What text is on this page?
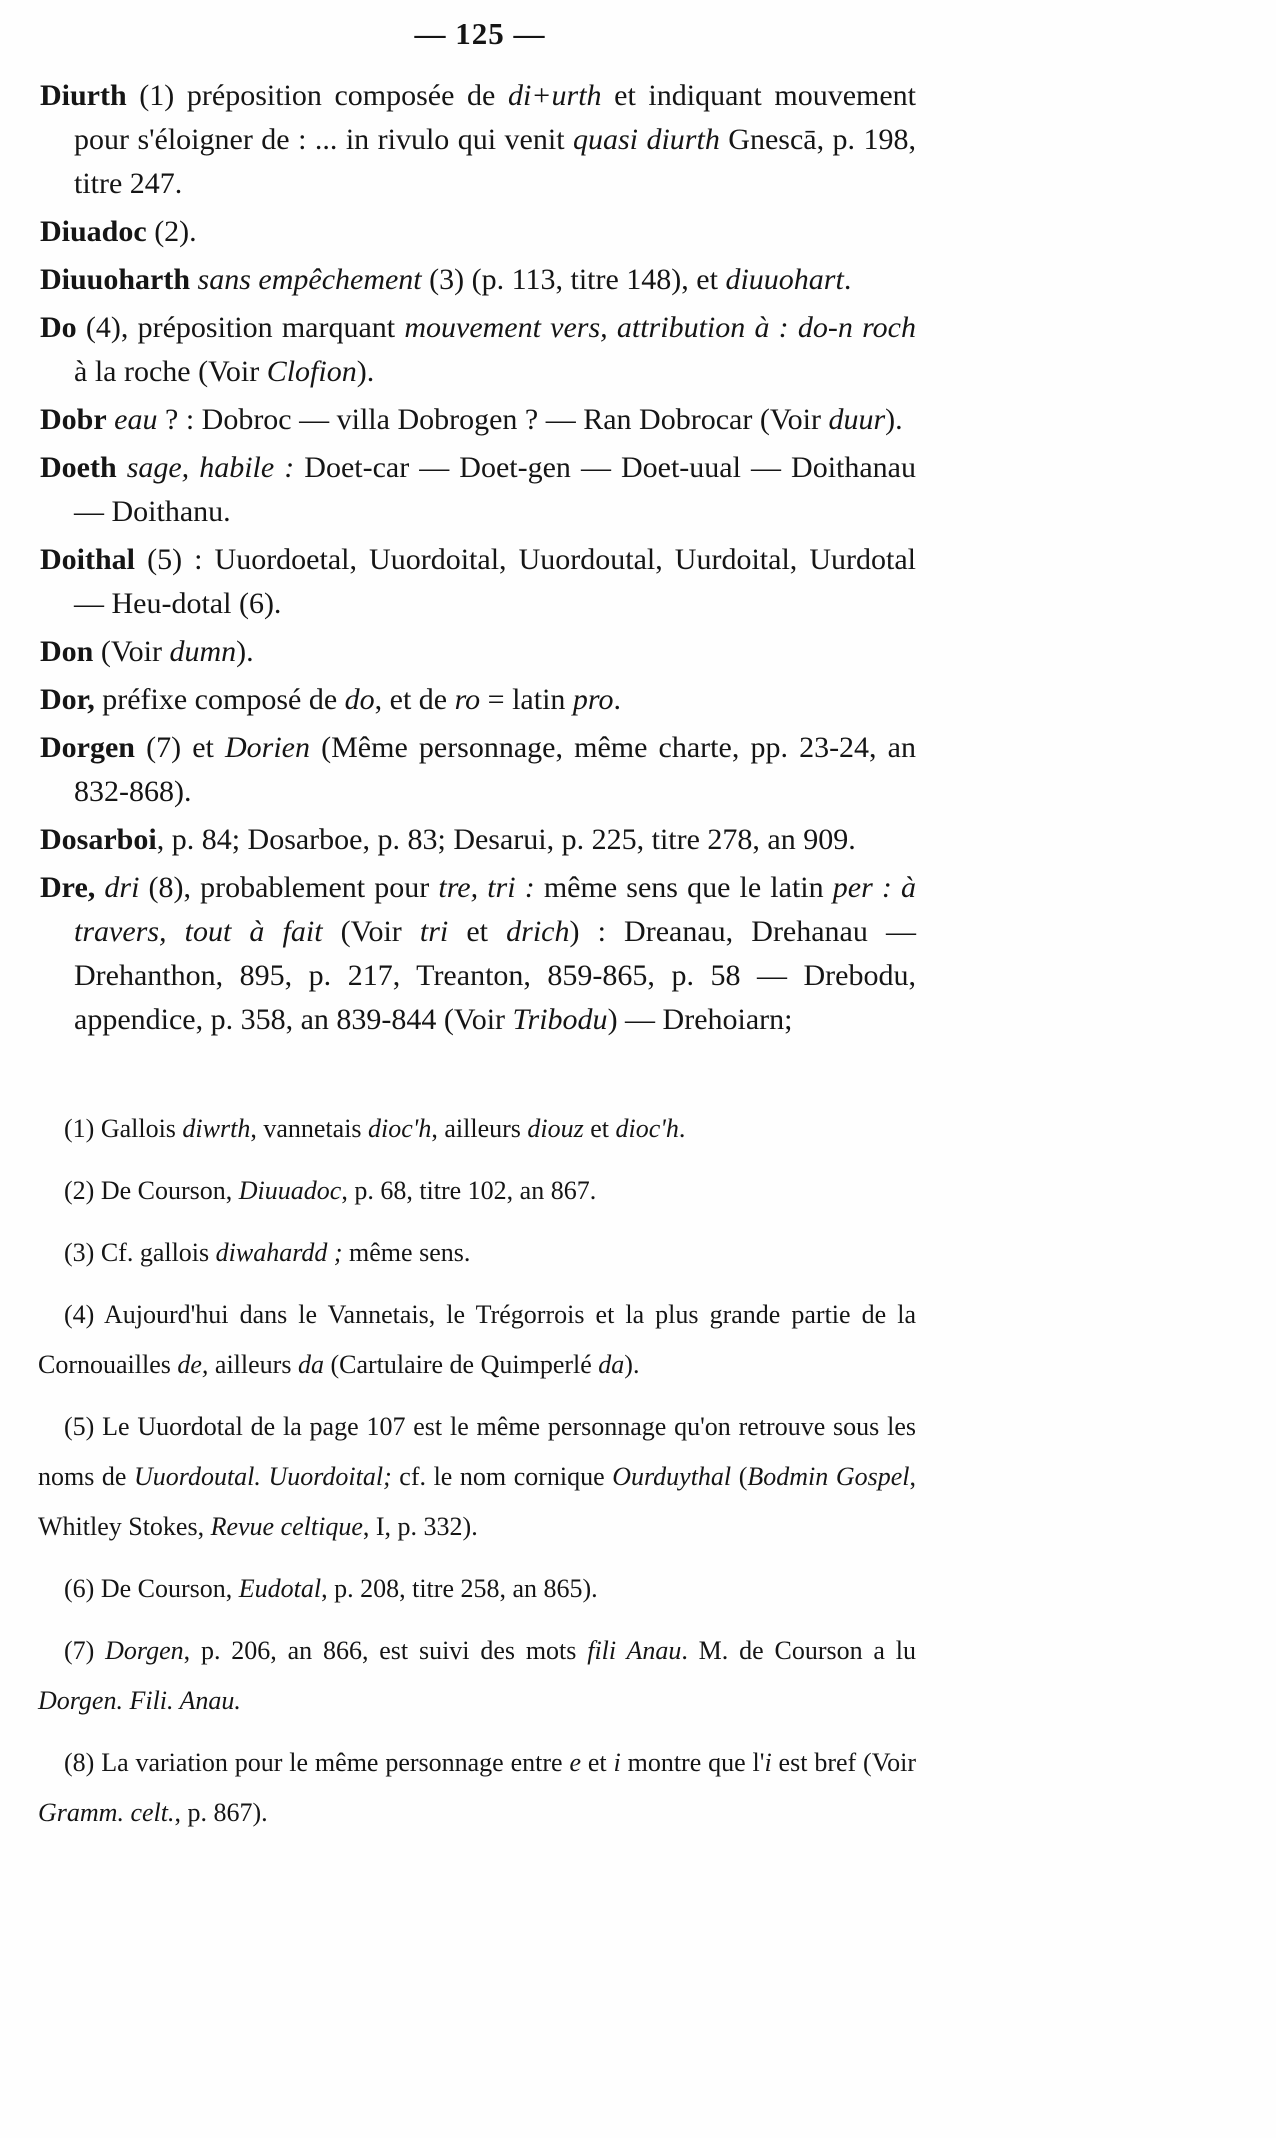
— 125 —

Diurth (1) préposition composée de di+urth et indiquant mouvement pour s'éloigner de : ... in rivulo qui venit quasi diurth Gnescā, p. 198, titre 247.

Diuadoc (2).

Diuuoharth sans empêchement (3) (p. 113, titre 148), et diuuohart.

Do (4), préposition marquant mouvement vers, attribution à : do-n roch à la roche (Voir Clofion).

Dobr eau ? : Dobroc — villa Dobrogen ? — Ran Dobrocar (Voir duur).

Doeth sage, habile : Doet-car — Doet-gen — Doet-uual — Doithanau — Doithanu.

Doithal (5) : Uuordoetal, Uuordoital, Uuordoutal, Uurdoital, Uurdotal — Heu-dotal (6).

Don (Voir dumn).

Dor, préfixe composé de do, et de ro = latin pro.

Dorgen (7) et Dorien (Même personnage, même charte, pp. 23-24, an 832-868).

Dosarboi, p. 84; Dosarboe, p. 83; Desarui, p. 225, titre 278, an 909.

Dre, dri (8), probablement pour tre, tri : même sens que le latin per : à travers, tout à fait (Voir tri et drich) : Dreanau, Drehanau — Drehanthon, 895, p. 217, Treanton, 859-865, p. 58 — Drebodu, appendice, p. 358, an 839-844 (Voir Tribodu) — Drehoiarn;

(1) Gallois diwrth, vannetais dioc'h, ailleurs diouz et dioc'h.

(2) De Courson, Diuuadoc, p. 68, titre 102, an 867.

(3) Cf. gallois diwahardd ; même sens.

(4) Aujourd'hui dans le Vannetais, le Trégorrois et la plus grande partie de la Cornouailles de, ailleurs da (Cartulaire de Quimperlé da).

(5) Le Uuordotal de la page 107 est le même personnage qu'on retrouve sous les noms de Uuordoutal. Uuordoital; cf. le nom cornique Ourduythal (Bodmin Gospel, Whitley Stokes, Revue celtique, I, p. 332).

(6) De Courson, Eudotal, p. 208, titre 258, an 865).

(7) Dorgen, p. 206, an 866, est suivi des mots fili Anau. M. de Courson a lu Dorgen. Fili. Anau.

(8) La variation pour le même personnage entre e et i montre que l'i est bref (Voir Gramm. celt., p. 867).
